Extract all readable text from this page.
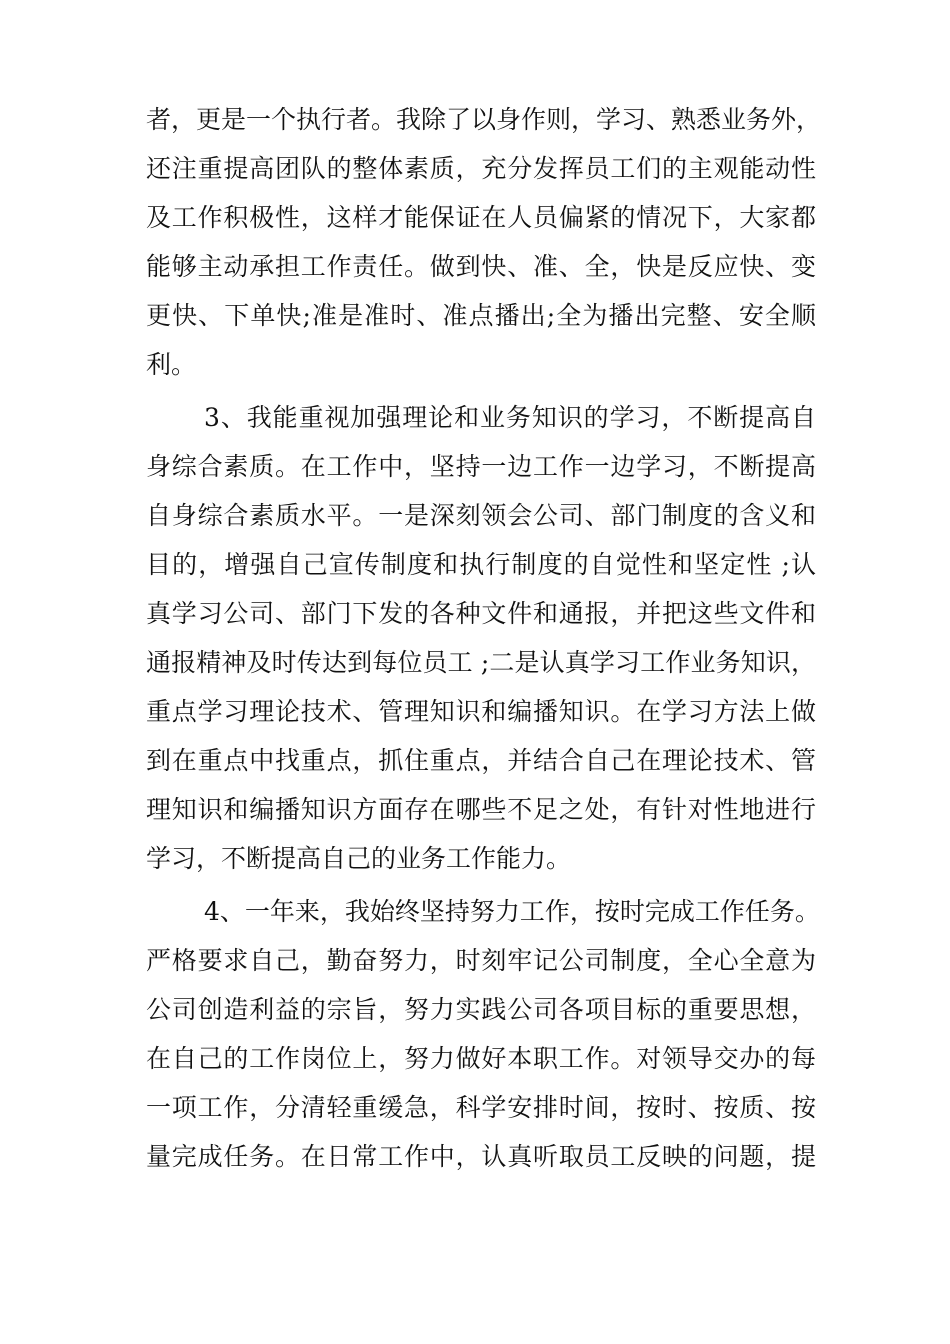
者，更是一个执行者。我除了以身作则，学习、熟悉业务外，
还注重提高团队的整体素质，充分发挥员工们的主观能动性
及工作积极性，这样才能保证在人员偏紧的情况下，大家都
能够主动承担工作责任。做到快、准、全，快是反应快、变
更快、下单快;准是准时、准点播出;全为播出完整、安全顺
利。
3、我能重视加强理论和业务知识的学习，不断提高自
身综合素质。在工作中，坚持一边工作一边学习，不断提高
自身综合素质水平。一是深刻领会公司、部门制度的含义和
目的，增强自己宣传制度和执行制度的自觉性和坚定性 ;认
真学习公司、部门下发的各种文件和通报，并把这些文件和
通报精神及时传达到每位员工 ;二是认真学习工作业务知识，
重点学习理论技术、管理知识和编播知识。在学习方法上做
到在重点中找重点，抓住重点，并结合自己在理论技术、管
理知识和编播知识方面存在哪些不足之处，有针对性地进行
学习，不断提高自己的业务工作能力。
4、一年来，我始终坚持努力工作，按时完成工作任务。
严格要求自己，勤奋努力，时刻牢记公司制度，全心全意为
公司创造利益的宗旨，努力实践公司各项目标的重要思想，
在自己的工作岗位上，努力做好本职工作。对领导交办的每
一项工作，分清轻重缓急，科学安排时间，按时、按质、按
量完成任务。在日常工作中，认真听取员工反映的问题，提
